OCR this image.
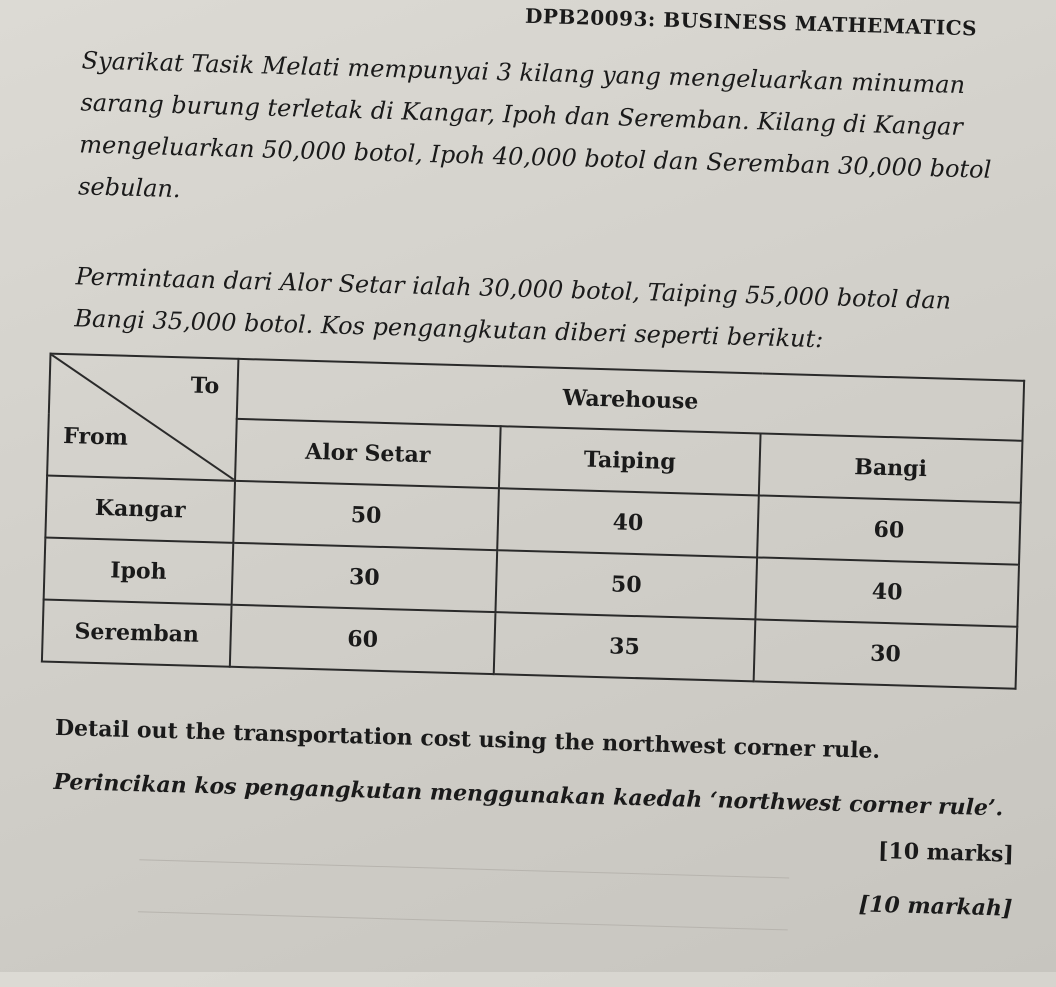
DPB20093: BUSINESS MATHEMATICS
Syarikat Tasik Melati mempunyai 3 kilang yang mengeluarkan minuman sarang burung terletak di Kangar, Ipoh dan Seremban. Kilang di Kangar mengeluarkan 50,000 botol, Ipoh 40,000 botol dan Seremban 30,000 botol sebulan.
Permintaan dari Alor Setar ialah 30,000 botol, Taiping 55,000 botol dan Bangi 35,000 botol. Kos pengangkutan diberi seperti berikut:
To
From	Warehouse		
	Alor Setar	Taiping	Bangi
Kangar	50	40	60
Ipoh	30	50	40
Seremban	60	35	30
Detail out the transportation cost using the northwest corner rule.
Perincikan kos pengangkutan menggunakan kaedah ‘northwest corner rule’.
[10 marks]
[10 markah]
